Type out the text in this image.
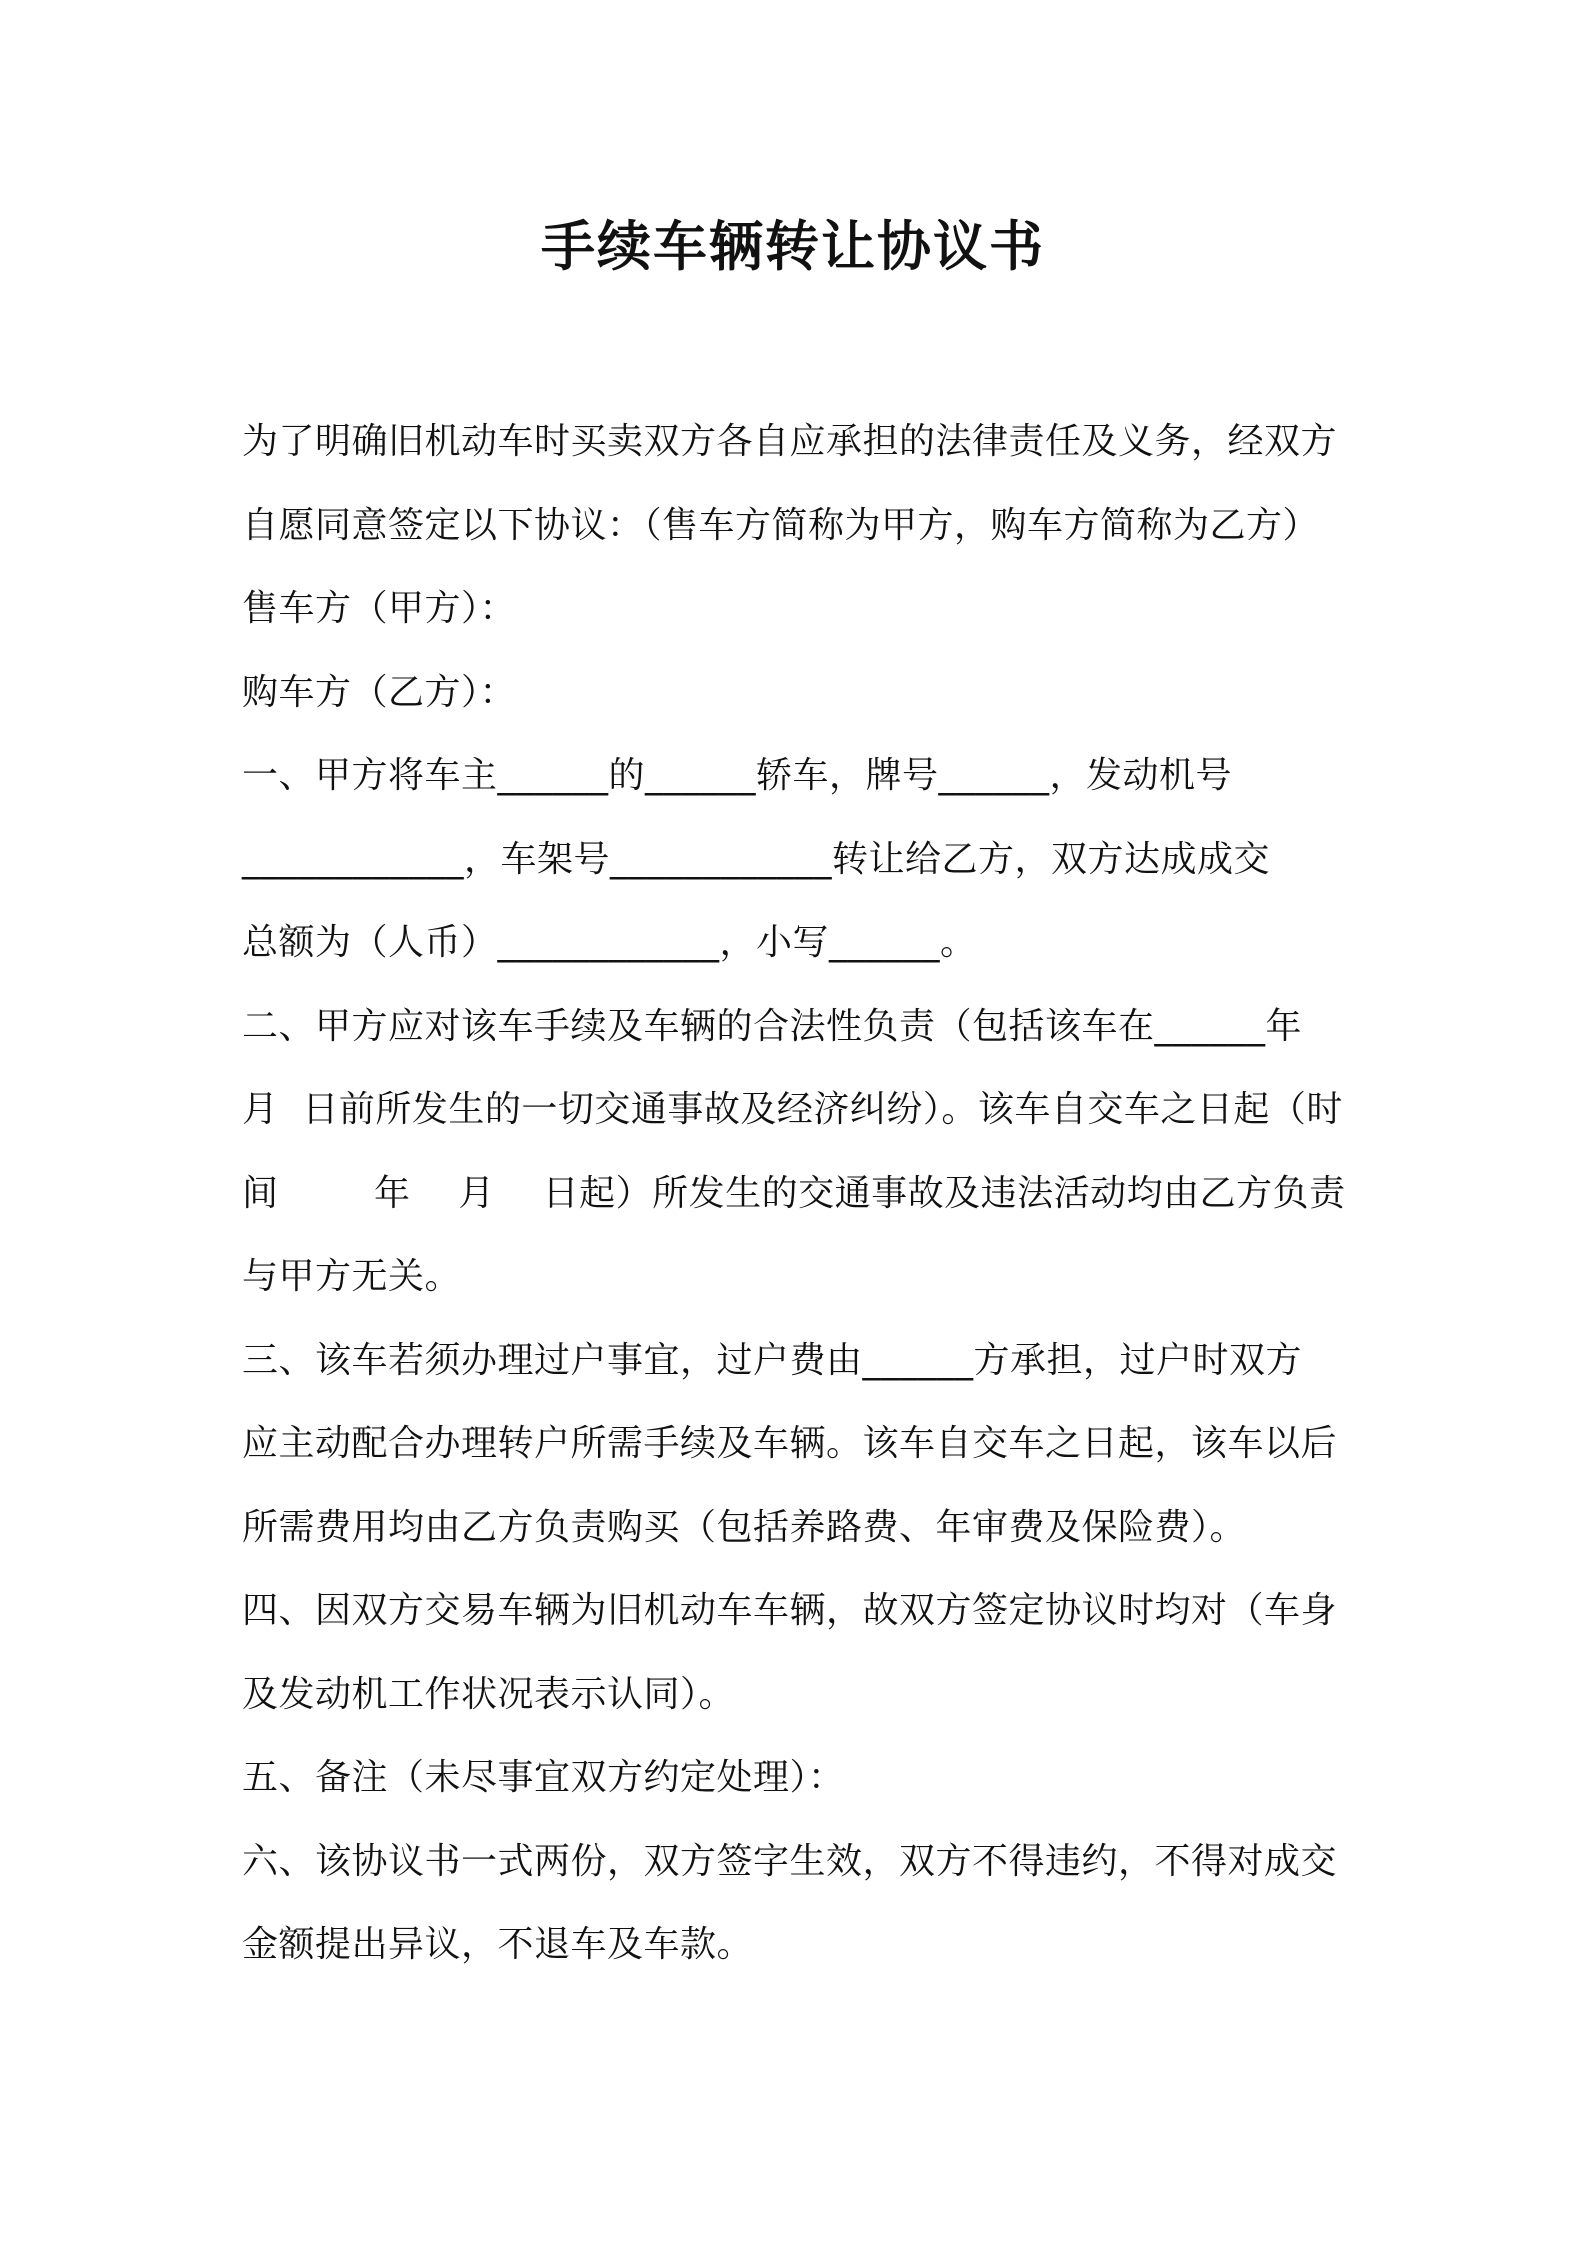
手续车辆转让协议书
为了明确旧机动车时买卖双方各自应承担的法律责任及义务，经双方
自愿同意签定以下协议：（售车方简称为甲方，购车方简称为乙方）
售车方（甲方）：
购车方（乙方）：
一、甲方将车主______的______轿车，牌号______，发动机号
____________，车架号____________转让给乙方，双方达成成交
总额为（人币）____________，小写______。
二、甲方应对该车手续及车辆的合法性负责（包括该车在______年
月  日前所发生的一切交通事故及经济纠纷）。该车自交车之日起（时
间        年    月    日起）所发生的交通事故及违法活动均由乙方负责
与甲方无关。
三、该车若须办理过户事宜，过户费由______方承担，过户时双方
应主动配合办理转户所需手续及车辆。该车自交车之日起，该车以后
所需费用均由乙方负责购买（包括养路费、年审费及保险费）。
四、因双方交易车辆为旧机动车车辆，故双方签定协议时均对（车身
及发动机工作状况表示认同）。
五、备注（未尽事宜双方约定处理）：
六、该协议书一式两份，双方签字生效，双方不得违约，不得对成交
金额提出异议，不退车及车款。
